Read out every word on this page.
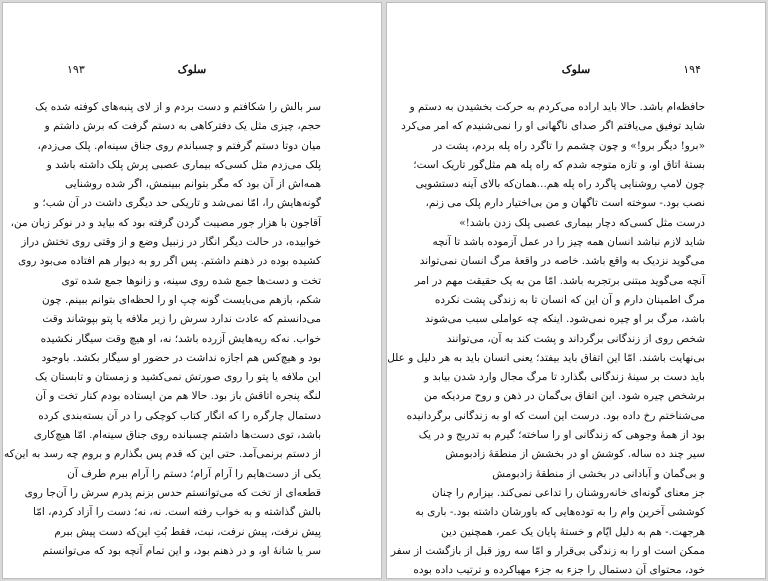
۱۹۳	سلوک
سر بالش را شکافتم و دست بردم و از لای پنبه‌های کوفته شده یک
حجم، چیزی مثل یک دفترکاهی به دستم گرفت که برش داشتم و
میان دوتا دستم گرفتم و چسباندم روی جناق سینه‌ام. پلک می‌زدم،
پلک می‌زدم مثل کسی‌که بیماری عصبی پرش پلک داشته باشد و
همه‌اش از آن بود که مگر بتوانم ببینمش، اگر شده روشنایی
گونه‌هایش را، امّا نمی‌شد و تاریکی حد دیگری داشت در آن شب؛ و
آقاجون با هزار جور مصیبت گردن گرفته بود که بیاید و در نوکر زبان من،
خوابیده، در حالت دیگر انگار در زنبیل وضع و از وقتی روی تختش دراز
کشیده بوده در ذهنم داشتم. پس اگر رو به دیوار هم افتاده می‌بود روی
تخت و دست‌ها جمع شده روی سینه، و زانوها جمع شده توی
شکم، بازهم می‌بایست گونه چپ او را لحظه‌ای بتوانم ببینم. چون
می‌دانستم که عادت ندارد سرش را زیر ملافه یا پتو بپوشاند وقت
خواب. نه‌که ریه‌هایش آزرده باشد؛ نه، او هیچ وقت سیگار نکشیده
بود و هیچ‌کس هم اجازه نداشت در حضور او سیگار بکشد. باوجود
این ملافه یا پتو را روی صورتش نمی‌کشید و زمستان و تابستان یک
لنگه پنجره اتاقش باز بود. حالا هم من ایستاده بودم کنار تخت و آن
دستمال چارگره را که انگار کتاب کوچکی را در آن بسته‌بندی کرده
باشد، توی دست‌ها داشتم چسبانده روی جناق سینه‌ام. امّا هیچ‌کاری
از دستم برنمی‌آمد. حتی این که قدم پس بگذارم و بروم چه رسد به این‌که
یکی از دست‌هایم را آرام آرام؛ دستم را آرام ببرم طرف آن
قطعه‌ای از تخت که می‌توانستم حدس بزنم پدرم سرش را آن‌جا روی
بالش گذاشته و به خواب رفته است. نه، نه؛ دست را آزاد کردم، امّا
پیش نرفت، پیش نرفت، نبت، فقط بُتِ این‌که دست پیش ببرم
سر یا شانهٔ او، و در ذهنم بود، و این تمام آنچه بود که می‌توانستم
۱۹۴
سلوک
حافظه‌ام باشد. حالا باید اراده می‌کردم به حرکت بخشیدن به دستم و
شاید توفیق می‌یافتم اگر صدای ناگهانی او را نمی‌شنیدم که امر می‌کرد
«برو! دیگر برو!» و چون چشمم را تاگرد راه پله بردم، پشت در
بستهٔ اتاق او، و تازه متوجه شدم که راه پله هم مثل‌گور تاریک است؛
چون لامپ روشنایی پاگرد راه پله هم...همان‌که بالای آینه دستشویی
نصب بود.- سوخته است تا‌گهان و من بی‌اختیار دارم پلک می زنم،
درست مثل کسی‌که دچار بیماری عصبی پلک زدن باشد!»
شاید لازم نباشد انسان همه چیز را در عمل آزموده باشد تا آنچه
می‌گوید نزدیک به واقع باشد. خاصه در واقعهٔ مرگ انسان نمی‌تواند
آنچه می‌گوید مبتنی برتجربه باشد. امّا من به یک حقیقت مهم در امر
مرگ اطمینان دارم و آن این که انسان تا به زندگی پشت نکرده
باشد، مرگ بر او چیره نمی‌شود. اینکه چه عواملی سبب می‌شوند
شخص روی از زندگانی برگرداند و پشت کند به آن، می‌توانند
بی‌نهایت باشند. امّا این اتفاق باید بیفتد؛ یعنی انسان باید به هر دلیل و علل
باید دست بر سینهٔ زندگانی بگذارد تا مرگ مجال وارد شدن بیابد و
برشخص چیره شود. این اتفاق بی‌گمان در ذهن و روح مردیکه من
می‌شناختم رخ داده بود. درست این است که او به زندگانی برگردانیده
بود از همهٔ وجوهی که زندگانی او را ساخته؛ گیرم به تدریج و در یک
سیر چند ده ساله. کوشش او در بخشش از منطقهٔ زادبومش
و بی‌گمان و آبادانی در بخشی از منطقهٔ زادبومش
جز معنای گونه‌ای خانه‌روشنان را تداعی نمی‌کند. بیزارم را چنان
کوششی آخرین وام را به توده‌هایی که باورشان داشته بود.- باری به
هرجهت.- هم به دلیل ایّام و خستهٔ پایان یک عمر، همچنین دین
ممکن است او را به زندگی بی‌قرار و امّا سه روز قبل از بازگشت از سفر
خود، محتوای آن دستمال را جزء به جزء مهیاکرده و ترتیب داده بوده
